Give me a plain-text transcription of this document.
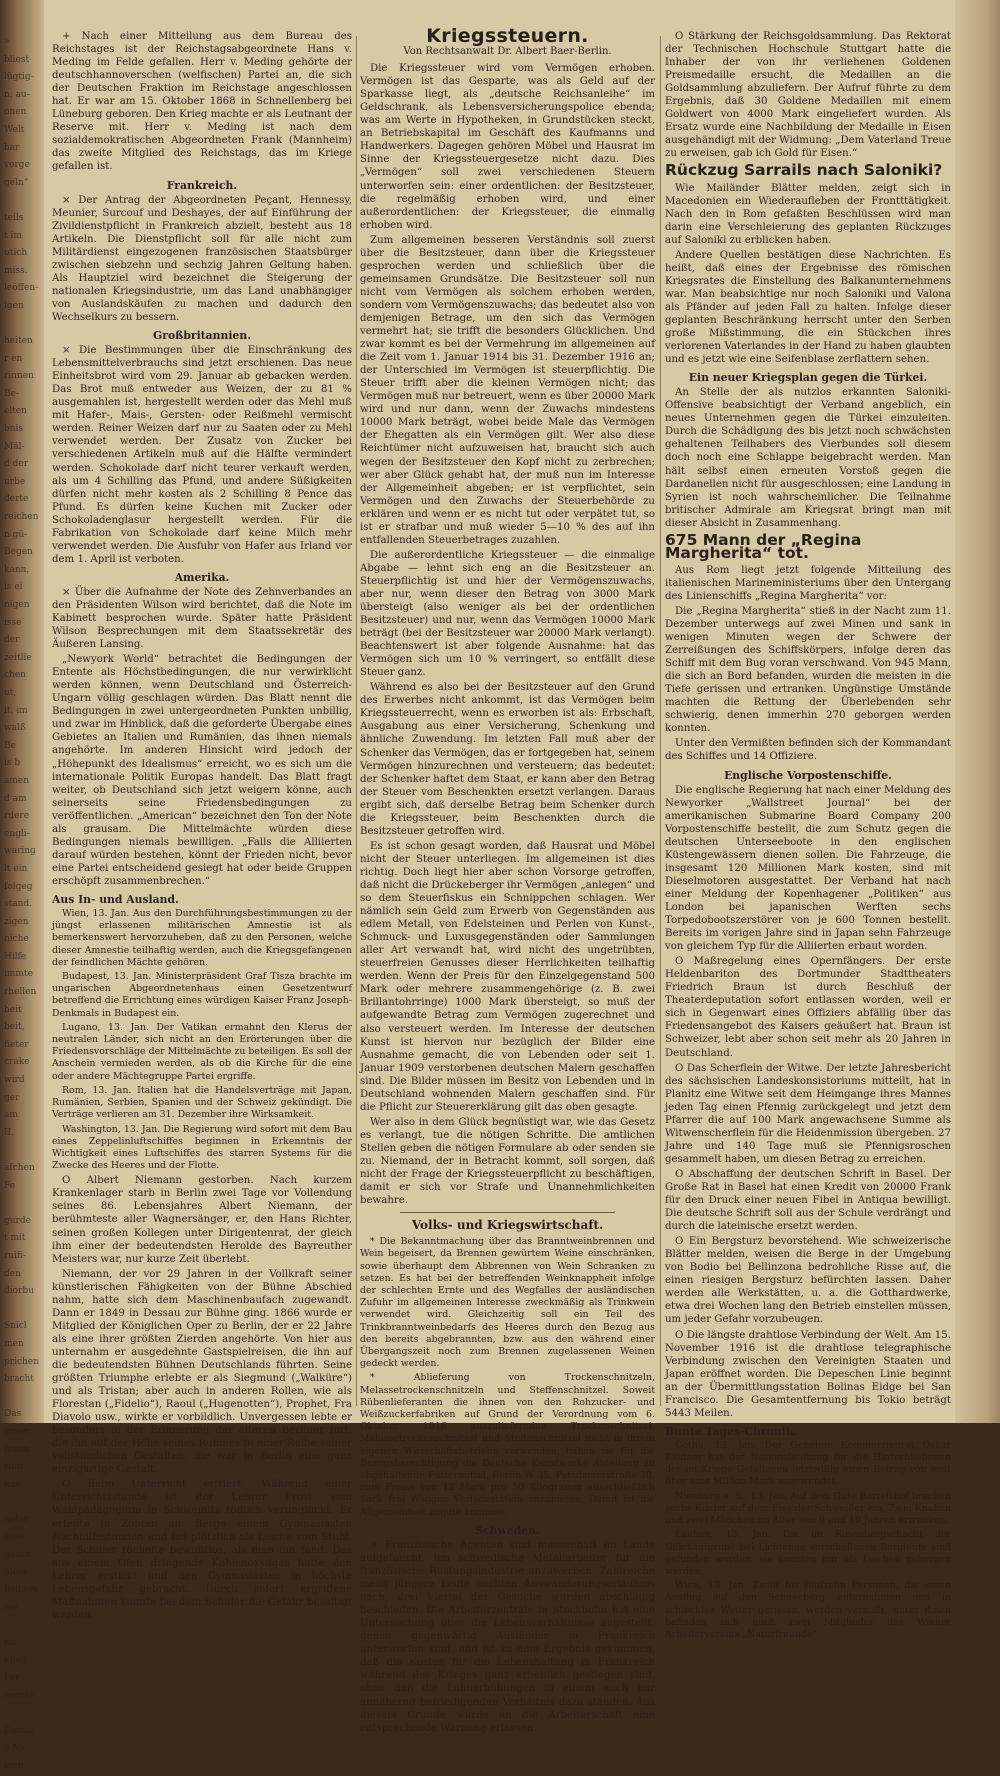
»
bliest
lügtig-
n, au-
onen
Welt
har
vorge
geln“

teils
t im
utich
miss.
leöffen-
igen

heiten
r en
rinnen
Be-
elten
bnis
Mäl-
d der
urbe
derte
reichen
n gü-
Begen
kann,
is ei
nigen
isse
der
zeitlie
chen
ut,
it, im
walß
Be
is b
amen
d am
rdere
engli-
waring
lt ein
folgeg
stand.
zigen
niche
Hilfe
immte
rhellen
heit
beit,
fieter
crake
wird
ger
am
II.

afchen
Fe

gurde
t mit
ruifi-
den
diorbu

Snicl
men
prichen
bracht

Das
mmer
tenen
runt
mie

neter,
aren
geoch
hleer
Bsibers
nie

tür
idjeit
Fer
ronnte

Donna
3 Nr
men

+ Nach einer Mitteilung aus dem Bureau des Reichstages ist der Reichstagsabgeordnete Hans v. Meding im Felde gefallen. Herr v. Meding gehörte der deutschhannoverschen (welfischen) Partei an, die sich der Deutschen Fraktion im Reichstage angeschlossen hat. Er war am 15. Oktober 1868 in Schnellenberg bei Lüneburg geboren. Den Krieg machte er als Leutnant der Reserve mit. Herr v. Meding ist nach dem sozialdemokratischen Abgeordneten Frank (Mannheim) das zweite Mitglied des Reichstags, das im Kriege gefallen ist.

Frankreich.

× Der Antrag der Abgeordneten Peçant, Hennessy, Meunier, Surcouf und Deshayes, der auf Einführung der Zivildienstpflicht in Frankreich abzielt, besteht aus 18 Artikeln. Die Dienstpflicht soll für alle nicht zum Militärdienst eingezogenen französischen Staatsbürger zwischen siebzehn und sechzig Jahren Geltung haben. Als Hauptziel wird bezeichnet die Steigerung der nationalen Kriegsindustrie, um das Land unabhängiger von Auslandskäufen zu machen und dadurch den Wechselkurs zu bessern.

Großbritannien.

× Die Bestimmungen über die Einschränkung des Lebensmittelverbrauchs sind jetzt erschienen. Das neue Einheitsbrot wird vom 29. Januar ab gebacken werden. Das Brot muß entweder aus Weizen, der zu 81 % ausgemahlen ist, hergestellt werden oder das Mehl muß mit Hafer-, Mais-, Gersten- oder Reißmehl vermischt werden. Reiner Weizen darf nur zu Saaten oder zu Mehl verwendet werden. Der Zusatz von Zucker bei verschiedenen Artikeln muß auf die Hälfte vermindert werden. Schokolade darf nicht teurer verkauft werden, als um 4 Schilling das Pfund, und andere Süßigkeiten dürfen nicht mehr kosten als 2 Schilling 8 Pence das Pfund. Es dürfen keine Kuchen mit Zucker oder Schokoladenglasur hergestellt werden. Für die Fabrikation von Schokolade darf keine Milch mehr verwendet werden. Die Ausfuhr von Hafer aus Irland vor dem 1. April ist verboten.

Amerika.

× Über die Aufnahme der Note des Zehnverbandes an den Präsidenten Wilson wird berichtet, daß die Note im Kabinett besprochen wurde. Später hatte Präsident Wilson Besprechungen mit dem Staatssekretär des Äußeren Lansing.

„Newyork World“ betrachtet die Bedingungen der Entente als Höchstbedingungen, die nur verwirklicht werden können, wenn Deutschland und Österreich-Ungarn völlig geschlagen würden. Das Blatt nennt die Bedingungen in zwei untergeordneten Punkten unbillig, und zwar im Hinblick, daß die geforderte Übergabe eines Gebietes an Italien und Rumänien, das ihnen niemals angehörte. Im anderen Hinsicht wird jedoch der „Höhepunkt des Idealismus“ erreicht, wo es sich um die internationale Politik Europas handelt. Das Blatt fragt weiter, ob Deutschland sich jetzt weigern könne, auch seinerseits seine Friedensbedingungen zu veröffentlichen. „American“ bezeichnet den Ton der Note als grausam. Die Mittelmächte würden diese Bedingungen niemals bewilligen. „Falls die Alliierten darauf würden bestehen, könnt der Frieden nicht, bevor eine Partei entscheidend gesiegt hat oder beide Gruppen erschöpft zusammenbrechen.“

Aus In- und Ausland.

Wien, 13. Jan. Aus den Durchführungsbestimmungen zu der jüngst erlassenen militärischen Amnestie ist als bemerkenswert hervorzuheben, daß zu den Personen, welche dieser Amnestie teilhaftig werden, auch die Kriegsgefangenen der feindlichen Mächte gehören.

Budapest, 13. Jan. Ministerpräsident Graf Tisza brachte im ungarischen Abgeordnetenhaus einen Gesetzentwurf betreffend die Errichtung eines würdigen Kaiser Franz Joseph-Denkmals in Budapest ein.

Lugano, 13. Jan. Der Vatikan ermahnt den Klerus der neutralen Länder, sich nicht an den Erörterungen über die Friedensvorschläge der Mittelmächte zu beteiligen. Es soll der Anschein vermieden werden, als ob die Kirche für die eine oder andere Mächtegruppe Partei ergriffe.

Rom, 13. Jan. Italien hat die Handelsverträge mit Japan, Rumänien, Serbien, Spanien und der Schweiz gekündigt. Die Verträge verlieren am 31. Dezember ihre Wirksamkeit.

Washington, 13. Jan. Die Regierung wird sofort mit dem Bau eines Zeppelinluftschiffes beginnen in Erkenntnis der Wichtigkeit eines Luftschiffes des starren Systems für die Zwecke des Heeres und der Flotte.

O Albert Niemann gestorben. Nach kurzem Krankenlager starb in Berlin zwei Tage vor Vollendung seines 86. Lebensjahres Albert Niemann, der berühmteste aller Wagnersänger, er, den Hans Richter, seinen großen Kollegen unter Dirigentenrat, der gleich ihm einer der bedeutendsten Herolde des Bayreuther Meisters war, nur kurze Zeit überlebt.

Niemann, der vor 29 Jahren in der Vollkraft seiner künstlerischen Fähigkeiten von der Bühne Abschied nahm, hatte sich dem Maschinenbaufach zugewandt. Dann er 1849 in Dessau zur Bühne ging. 1866 wurde er Mitglied der Königlichen Oper zu Berlin, der er 22 Jahre als eine ihrer größten Zierden angehörte. Von hier aus unternahm er ausgedehnte Gastspielreisen, die ihn auf die bedeutendsten Bühnen Deutschlands führten. Seine größten Triumphe erlebte er als Siegmund („Walküre“) und als Tristan; aber auch in anderen Rollen, wie als Florestan („Fidelio“), Raoul („Hugenotten“), Prophet, Fra Diavolo usw., wirkte er vorbildlich. Unvergessen lebte er besonders in der Erinnerung der älteren Berliner fort, die ihn auf der Höhe seines Ruhmes in einer Reihe seiner vollstümlichen Gestalten, die war in Berlin eine ganz einzigartige Gestalt.

O Beim Unterricht erfriert. Während einer Unterrichtsstunde ist der Lehrer Frost vom Waldpädagogium in Schweinitz tödlich verunglückt. Er erteilte in Zobten am Berge einem Gymnasiasten Nachhilfestunden und fiel plötzlich als Leiche vom Stuhl. Der Schüler röchelte bewußtlos, als man ihn fand. Das aus einem Ofen dringende Kohlenoxydgas hatte den Lehrer erstickt und den Gymnasiasten in höchste Lebensgefahr gebracht. Durch sofort ergriffene Maßnahmen konnte bei dem Schüler die Gefahr beseitigt werden.

Kriegssteuern.
Von Rechtsanwalt Dr. Albert Baer-Berlin.

Die Kriegssteuer wird vom Vermögen erhoben. Vermögen ist das Gesparte, was als Geld auf der Sparkasse liegt, als „deutsche Reichsanleihe“ im Geldschrank, als Lebensversicherungspolice ebenda; was am Werte in Hypotheken, in Grundstücken steckt, an Betriebskapital im Geschäft des Kaufmanns und Handwerkers. Dagegen gehören Möbel und Hausrat im Sinne der Kriegssteuergesetze nicht dazu. Dies „Vermögen“ soll zwei verschiedenen Steuern unterworfen sein: einer ordentlichen: der Besitzsteuer, die regelmäßig erhoben wird, und einer außerordentlichen: der Kriegssteuer, die einmalig erhoben wird.

Zum allgemeinen besseren Verständnis soll zuerst über die Besitzsteuer, dann über die Kriegssteuer gesprochen werden und schließlich über die gemeinsamen Grundsätze. Die Besitzsteuer soll nun nicht vom Vermögen als solchem erhoben werden, sondern vom Vermögenszuwachs; das bedeutet also von demjenigen Betrage, um den sich das Vermögen vermehrt hat; sie trifft die besonders Glücklichen. Und zwar kommt es bei der Vermehrung im allgemeinen auf die Zeit vom 1. Januar 1914 bis 31. Dezember 1916 an; der Unterschied im Vermögen ist steuerpflichtig. Die Steuer trifft aber die kleinen Vermögen nicht; das Vermögen muß nur betreuert, wenn es über 20000 Mark wird und nur dann, wenn der Zuwachs mindestens 10000 Mark beträgt, wobei beide Male das Vermögen der Ehegatten als ein Vermögen gilt. Wer also diese Reichtümer nicht aufzuweisen hat, braucht sich auch wegen der Besitzsteuer den Kopf nicht zu zerbrechen; wer aber Glück gehabt hat, der muß nun im Interesse der Allgemeinheit abgeben; er ist verpflichtet, sein Vermögen und den Zuwachs der Steuerbehörde zu erklären und wenn er es nicht tut oder verpätet tut, so ist er strafbar und muß wieder 5—10 % des auf ihn entfallenden Steuerbetrages zuzahlen.

Die außerordentliche Kriegssteuer — die einmalige Abgabe — lehnt sich eng an die Besitzsteuer an. Steuerpflichtig ist und hier der Vermögenszuwachs, aber nur, wenn dieser den Betrag von 3000 Mark übersteigt (also weniger als bei der ordentlichen Besitzsteuer) und nur, wenn das Vermögen 10000 Mark beträgt (bei der Besitzsteuer war 20000 Mark verlangt). Beachtenswert ist aber folgende Ausnahme: hat das Vermögen sich um 10 % verringert, so entfällt diese Steuer ganz.

Während es also bei der Besitzsteuer auf den Grund des Erwerbes nicht ankommt, ist das Vermögen beim Kriegssteuerrecht, wenn es erworben ist als: Erbschaft, Ausgabung aus einer Versicherung, Schenkung und ähnliche Zuwendung. Im letzten Fall muß aber der Schenker das Vermögen, das er fortgegeben hat, seinem Vermögen hinzurechnen und versteuern; das bedeutet: der Schenker haftet dem Staat, er kann aber den Betrag der Steuer vom Beschenkten ersetzt verlangen. Daraus ergibt sich, daß derselbe Betrag beim Schenker durch die Kriegssteuer, beim Beschenkten durch die Besitzsteuer getroffen wird.

Es ist schon gesagt worden, daß Hausrat und Möbel nicht der Steuer unterliegen. Im allgemeinen ist dies richtig. Doch liegt hier aber schon Vorsorge getroffen, daß nicht die Drückeberger ihr Vermögen „anlegen“ und so dem Steuerfiskus ein Schnippchen schlagen. Wer nämlich sein Geld zum Erwerb von Gegenständen aus edlem Metall, von Edelsteinen und Perlen von Kunst-, Schmuck- und Luxusgegenständen oder Sammlungen aller Art verwandt hat, wird nicht des ungetrübten, steuerfreien Genusses dieser Herrlichkeiten teilhaftig werden. Wenn der Preis für den Einzelgegenstand 500 Mark oder mehrere zusammengehörige (z. B. zwei Brillantohrringe) 1000 Mark übersteigt, so muß der aufgewandte Betrag zum Vermögen zugerechnet und also versteuert werden. Im Interesse der deutschen Kunst ist hiervon nur bezüglich der Bilder eine Ausnahme gemacht, die von Lebenden oder seit 1. Januar 1909 verstorbenen deutschen Malern geschaffen sind. Die Bilder müssen im Besitz von Lebenden und in Deutschland wohnenden Malern geschaffen sind. Für die Pflicht zur Steuererklärung gilt das oben gesagte.

Wer also in dem Glück begnüstigt war, wie das Gesetz es verlangt, tue die nötigen Schritte. Die amtlichen Stellen geben die nötigen Formulare ab oder senden sie zu. Niemand, der in Betracht kommt, soll sorgen, daß nicht der Frage der Kriegssteuerpflicht zu beschäftigen, damit er sich vor Strafe und Unannehmlichkeiten bewahre.

Volks- und Kriegswirtschaft.

* Die Bekanntmachung über das Branntweinbrennen und Wein begeisert, da Brennen gewürtem Weine einschränken, sowie überhaupt dem Abbrennen von Wein Schranken zu setzen. Es hat bei der betreffenden Weinknappheit infolge der schlechten Ernte und des Wegfalles der ausländischen Zufuhr im allgemeinen Interesse zweckmäßig als Trinkwein verwendet wird. Gleichzeitig soll ein Teil des Trinkbranntweinbedarfs des Heeres durch den Bezug aus den bereits abgebrannten, bzw. aus den während einer Übergangszeit noch zum Brennen zugelassenen Weinen gedeckt werden.

* Ablieferung von Trockenschnitzeln, Melassetrockenschnitzeln und Steffenschnitzel. Soweit Rübenlieferanten die ihnen von den Rohzucker- und Weißzuckerfabriken auf Grund der Verordnung vom 6. Oktober 1916 auszuliefernden Trockenschnitzel, Melassetrockenschnitzel und Steffenschnitzel nicht in ihrem eigenen Wirtschaftsbetriebe verwenden, haben sie für die Bezugsberechtigung die Deutsche Kunstwerke Abteilung zu abgehaltende Futtermittel, Berlin W 35, Potsdamerstraße 30, zum Preise von 12 Mark pro 50 Kilogramm ausschließlich Sack frei Waggon Verladestation anzubieten. Damit ist die Allgemeinheit zugute kommen.

Schweden.

× Französische Agenten sind massenhaft im Lande aufgetaucht, um schwedische Metallarbeiter für die französische Rüstungsindustrie anzuwerben. Zahlreiche meist jüngere Leute suchten Auswanderungserlaubnis nach, drei Viertel der Gesuche wurden abschlägig beschieden. Die Arbeiterzentrale in Stockholm hat eine Untersuchung über die Lebensverhältnisse angestellt, denen gegenwärtig Ausländer in Frankreich unterworfen sind, und ist zu dem Ergebnis gekommen, daß die Kosten für die Lebenshaltung in Frankreich während des Krieges ganz erheblich gestiegen sind, ohne daß die Lohnerhöhungen in einem auch nur annähernd befriedigenden Verhältnis dazu ständen. Aus diesem Grunde wurde an die Arbeiterschaft eine entsprechende Warnung erlassen.

O Stärkung der Reichsgoldsammlung. Das Rektorat der Technischen Hochschule Stuttgart hatte die Inhaber der von ihr verliehenen Goldenen Preismedaille ersucht, die Medaillen an die Goldsammlung abzuliefern. Der Aufruf führte zu dem Ergebnis, daß 30 Goldene Medaillen mit einem Goldwert von 4000 Mark eingeliefert wurden. Als Ersatz wurde eine Nachbildung der Medaille in Eisen ausgehändigt mit der Widmung: „Dem Vaterland Treue zu erweisen, gab ich Gold für Eisen.“

Rückzug Sarrails nach Saloniki?

Wie Mailänder Blätter melden, zeigt sich in Macedonien ein Wiederaufleben der Frontttätigkeit. Nach den in Rom gefaßten Beschlüssen wird man darin eine Verschleierung des geplanten Rückzuges auf Saloniki zu erblicken haben.

Andere Quellen bestätigen diese Nachrichten. Es heißt, daß eines der Ergebnisse des römischen Kriegsrates die Einstellung des Balkanunternehmens war. Man beabsichtige nur noch Saloniki und Valona als Pfänder auf jeden Fall zu halten. Infolge dieser geplanten Beschränkung herrscht unter den Serben große Mißstimmung, die ein Stückchen ihres verlorenen Vaterlandes in der Hand zu haben glaubten und es jetzt wie eine Seifenblase zerflattern sehen.

Ein neuer Kriegsplan gegen die Türkei.

An Stelle der als nutzlos erkannten Saloniki-Offensive beabsichtigt der Verband angeblich, ein neues Unternehmen gegen die Türkei einzuleiten. Durch die Schädigung des bis jetzt noch schwächsten gehaltenen Teilhabers des Vierbundes soll diesem doch noch eine Schlappe beigebracht werden. Man hält selbst einen erneuten Vorstoß gegen die Dardanellen nicht für ausgeschlossen; eine Landung in Syrien ist noch wahrscheinlicher. Die Teilnahme britischer Admirale am Kriegsrat bringt man mit dieser Absicht in Zusammenhang.

675 Mann der „Regina Margherita“ tot.

Aus Rom liegt jetzt folgende Mitteilung des italienischen Marineministeriums über den Untergang des Linienschiffs „Regina Margherita“ vor:

Die „Regina Margherita“ stieß in der Nacht zum 11. Dezember unterwegs auf zwei Minen und sank in wenigen Minuten wegen der Schwere der Zerreißungen des Schiffskörpers, infolge deren das Schiff mit dem Bug voran verschwand. Von 945 Mann, die sich an Bord befanden, wurden die meisten in die Tiefe gerissen und ertranken. Ungünstige Umstände machten die Rettung der Überlebenden sehr schwierig, denen immerhin 270 geborgen werden konnten.

Unter den Vermißten befinden sich der Kommandant des Schiffes und 14 Offiziere.

Englische Vorpostenschiffe.

Die englische Regierung hat nach einer Meldung des Newyorker „Wallstreet Journal“ bei der amerikanischen Submarine Board Company 200 Vorpostenschiffe bestellt, die zum Schutz gegen die deutschen Unterseeboote in den englischen Küstengewässern dienen sollen. Die Fahrzeuge, die insgesamt 120 Millionen Mark kosten, sind mit Dieselmotoren ausgestattet. Der Verband hat nach einer Meldung der Kopenhagener „Politiken“ aus London bei japanischen Werften sechs Torpedobootszerstörer von je 600 Tonnen bestellt. Bereits im vorigen Jahre sind in Japan sehn Fahrzeuge von gleichem Typ für die Alliierten erbaut worden.

O Maßregelung eines Opernfängers. Der erste Heldenbariton des Dortmunder Stadttheaters Friedrich Braun ist durch Beschluß der Theaterdeputation sofort entlassen worden, weil er sich in Gegenwart eines Offiziers abfällig über das Friedensangebot des Kaisers geäußert hat. Braun ist Schweizer, lebt aber schon seit mehr als 20 Jahren in Deutschland.

O Das Scherflein der Witwe. Der letzte Jahresbericht des sächsischen Landeskonsistoriums mitteilt, hat in Planitz eine Witwe seit dem Heimgange ihres Mannes jeden Tag einen Pfennig zurückgelegt und jetzt dem Pfarrer die auf 100 Mark angewachsene Summe als Witwenscherflein für die Heidenmission übergeben. 27 Jahre und 140 Tage muß sie Pfennigsroschen gesammelt haben, um diesen Betrag zu erreichen.

O Abschaffung der deutschen Schrift in Basel. Der Große Rat in Basel hat einen Kredit von 20000 Frank für den Druck einer neuen Fibel in Antiqua bewilligt. Die deutsche Schrift soll aus der Schule verdrängt und durch die lateinische ersetzt werden.

O Ein Bergsturz bevorstehend. Wie schweizerische Blätter melden, weisen die Berge in der Umgebung von Bodio bei Bellinzona bedrohliche Risse auf, die einen riesigen Bergsturz befürchten lassen. Daher werden alle Werkstätten, u. a. die Gotthardwerke, etwa drei Wochen lang den Betrieb einstellen müssen, um jeder Gefahr vorzubeugen.

O Die längste drahtlose Verbindung der Welt. Am 15. November 1916 ist die drahtlose telegraphische Verbindung zwischen den Vereinigten Staaten und Japan eröffnet worden. Die Depeschen Linie beginnt an der Übermittlungsstation Bolinas Eidge bei San Francisco. Die Gesamtentfernung bis Tokio beträgt 5443 Meilen.

Bunte Tages-Chronik.

Gotha, 13. Jan. Der Geheime Kommerzienrat Oskar Blödner hat der Nationalstiftung für die Hinterbliebenen der im Kriege Gefallenen letztwillig einen Betrag von weit über eine Million Mark zugewendet.

Nienburg a. S., 13. Jan. Auf dem Gute Bartelshof brachen sechs Kinder auf dem Eise der Schweißer ein. Zwei Knaben und zwei Mädchen im Alter von 9 und 10 Jahren ertranken.

Lauban, 13. Jan. Die im Rosenbergschacht der Glückaufgrube bei Lichtenau verschollenen Bergleute sind gefunden worden; sie konnten nur als Leichen geborgen werden.

Wien, 13. Jan. Zwölf bis fünfzehn Personen, die einen Ausflug auf den Schneeberg unternahmen und in schlechtes Wetter gerieten, werden vermißt; unter ihnen befinden sich auch zwei Mitglieder des Wiener Arbeitervereins „Naturfreunde“.
